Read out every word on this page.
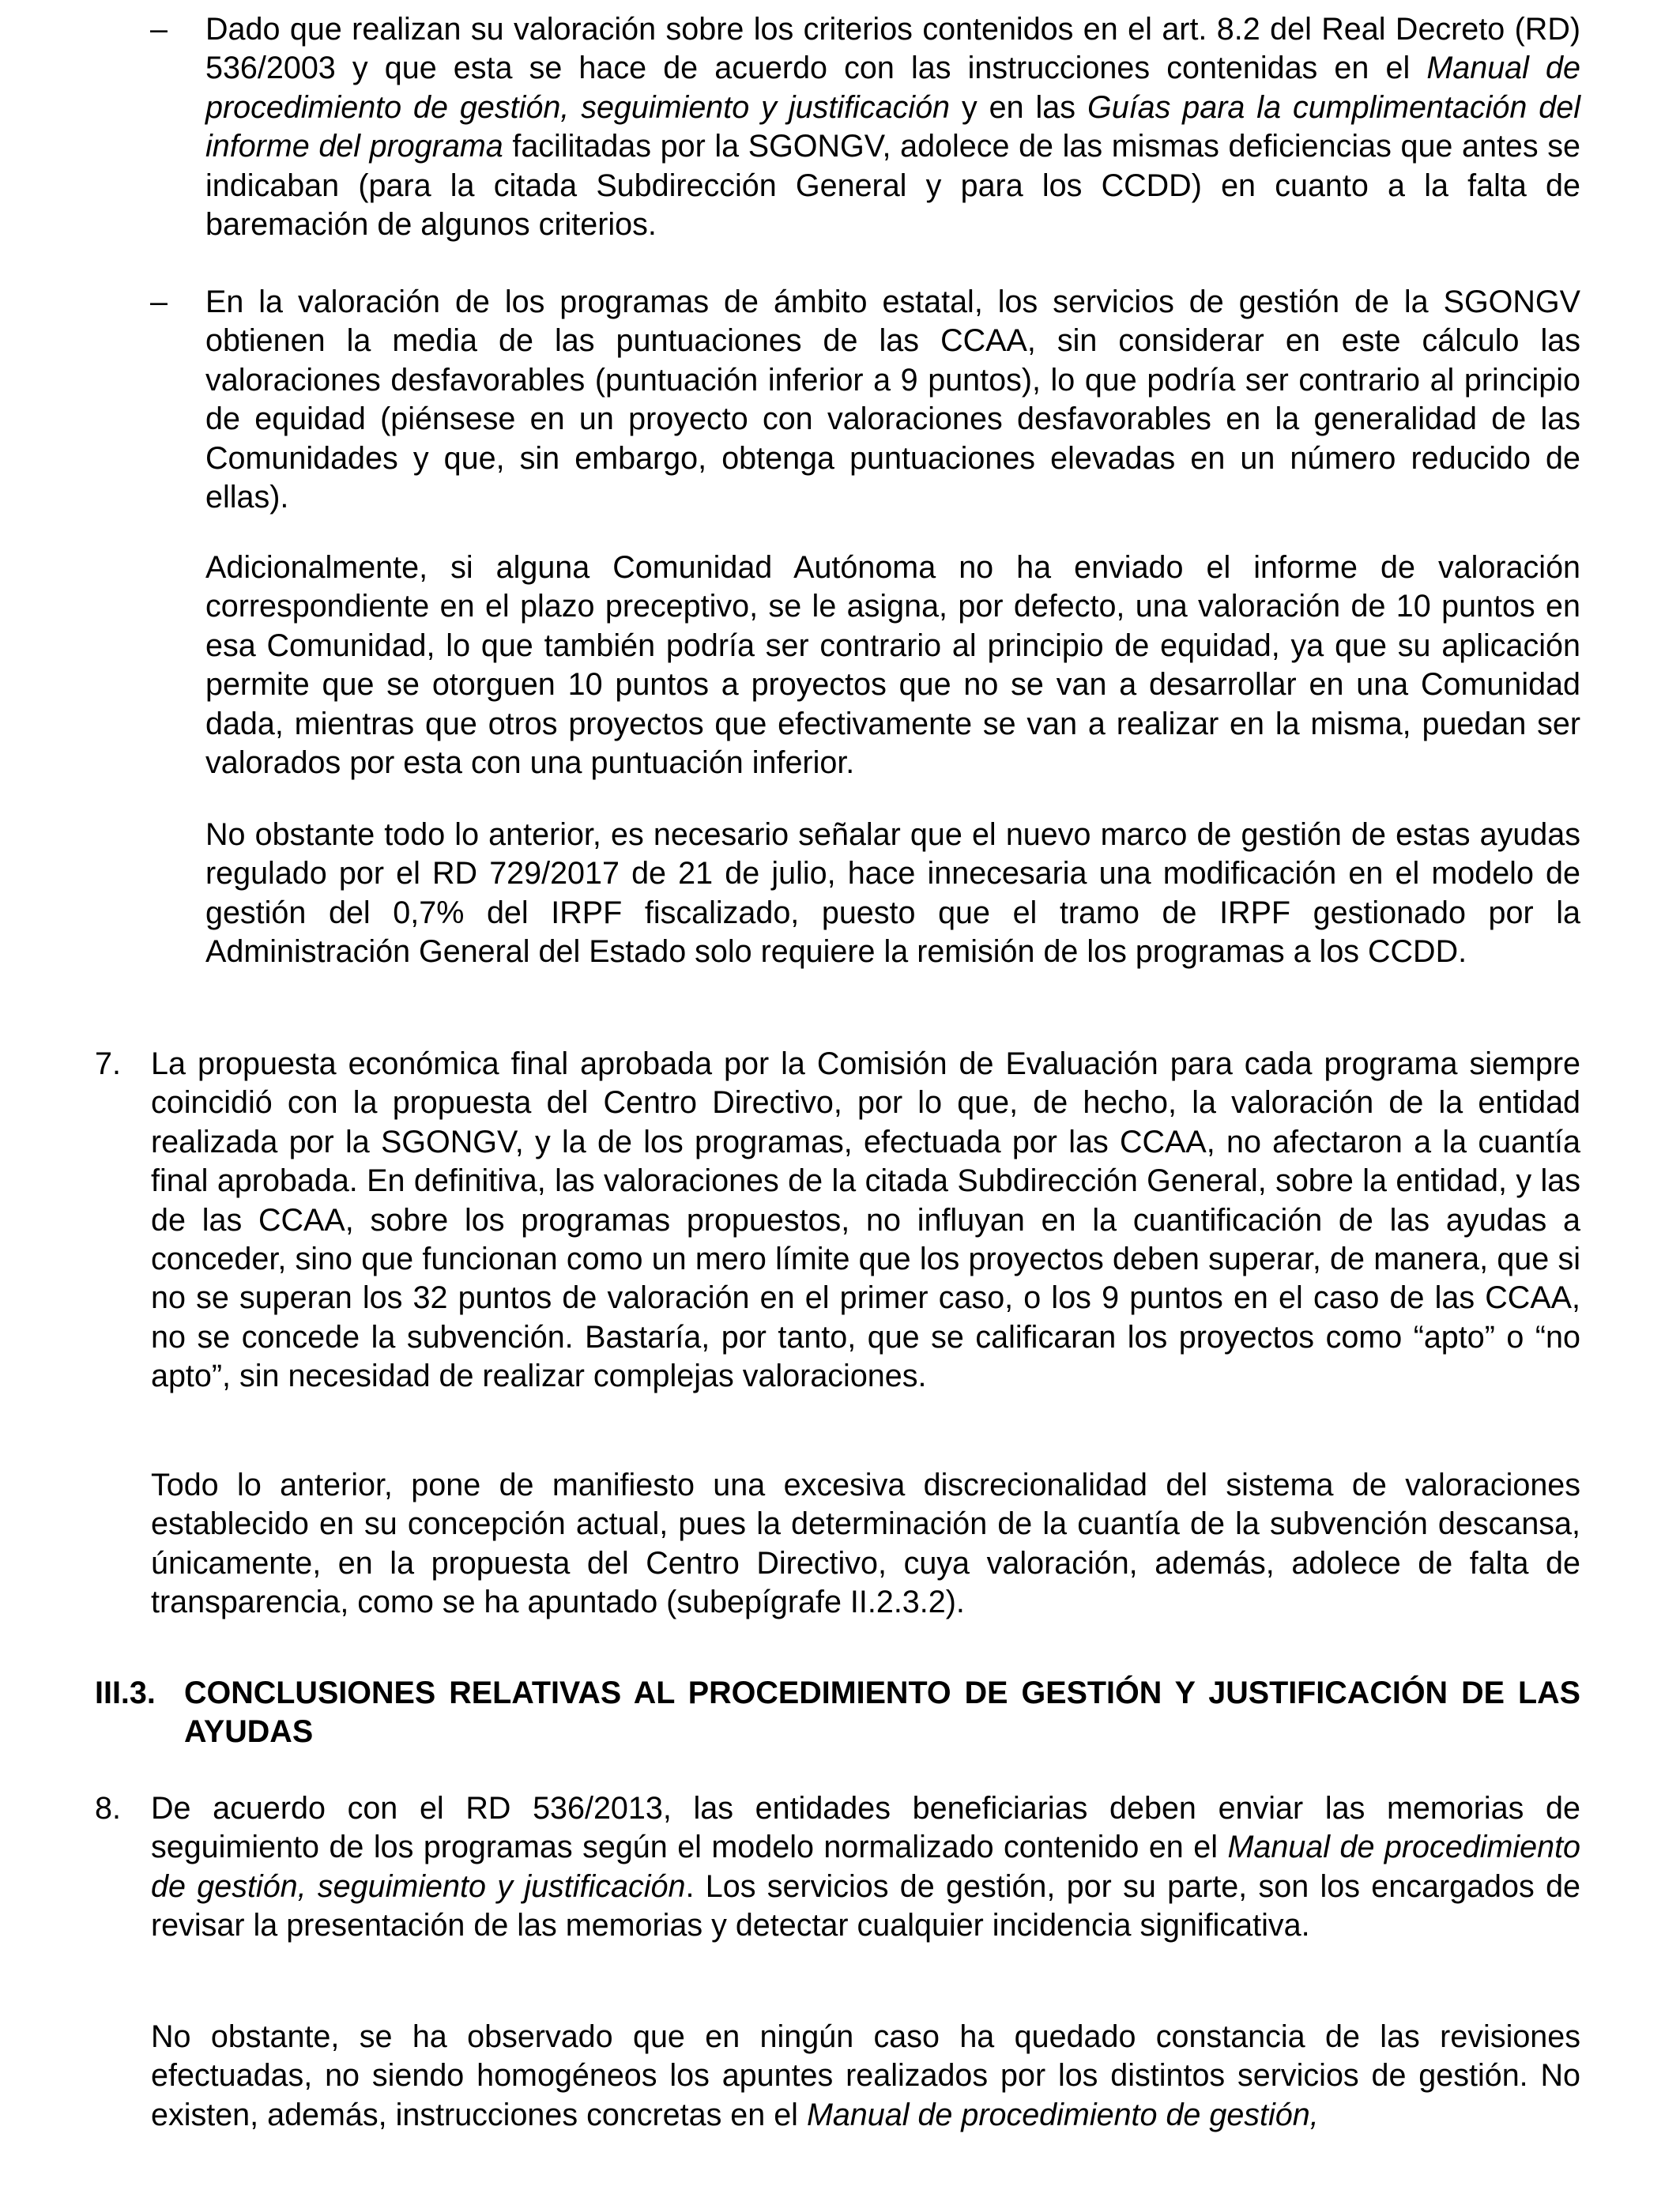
– Dado que realizan su valoración sobre los criterios contenidos en el art. 8.2 del Real Decreto (RD) 536/2003 y que esta se hace de acuerdo con las instrucciones contenidas en el Manual de procedimiento de gestión, seguimiento y justificación y en las Guías para la cumplimentación del informe del programa facilitadas por la SGONGV, adolece de las mismas deficiencias que antes se indicaban (para la citada Subdirección General y para los CCDD) en cuanto a la falta de baremación de algunos criterios.

– En la valoración de los programas de ámbito estatal, los servicios de gestión de la SGONGV obtienen la media de las puntuaciones de las CCAA, sin considerar en este cálculo las valoraciones desfavorables (puntuación inferior a 9 puntos), lo que podría ser contrario al principio de equidad (piénsese en un proyecto con valoraciones desfavorables en la generalidad de las Comunidades y que, sin embargo, obtenga puntuaciones elevadas en un número reducido de ellas).

Adicionalmente, si alguna Comunidad Autónoma no ha enviado el informe de valoración correspondiente en el plazo preceptivo, se le asigna, por defecto, una valoración de 10 puntos en esa Comunidad, lo que también podría ser contrario al principio de equidad, ya que su aplicación permite que se otorguen 10 puntos a proyectos que no se van a desarrollar en una Comunidad dada, mientras que otros proyectos que efectivamente se van a realizar en la misma, puedan ser valorados por esta con una puntuación inferior.

No obstante todo lo anterior, es necesario señalar que el nuevo marco de gestión de estas ayudas regulado por el RD 729/2017 de 21 de julio, hace innecesaria una modificación en el modelo de gestión del 0,7% del IRPF fiscalizado, puesto que el tramo de IRPF gestionado por la Administración General del Estado solo requiere la remisión de los programas a los CCDD.

7. La propuesta económica final aprobada por la Comisión de Evaluación para cada programa siempre coincidió con la propuesta del Centro Directivo, por lo que, de hecho, la valoración de la entidad realizada por la SGONGV, y la de los programas, efectuada por las CCAA, no afectaron a la cuantía final aprobada. En definitiva, las valoraciones de la citada Subdirección General, sobre la entidad, y las de las CCAA, sobre los programas propuestos, no influyan en la cuantificación de las ayudas a conceder, sino que funcionan como un mero límite que los proyectos deben superar, de manera, que si no se superan los 32 puntos de valoración en el primer caso, o los 9 puntos en el caso de las CCAA, no se concede la subvención. Bastaría, por tanto, que se calificaran los proyectos como “apto” o “no apto”, sin necesidad de realizar complejas valoraciones.

Todo lo anterior, pone de manifiesto una excesiva discrecionalidad del sistema de valoraciones establecido en su concepción actual, pues la determinación de la cuantía de la subvención descansa, únicamente, en la propuesta del Centro Directivo, cuya valoración, además, adolece de falta de transparencia, como se ha apuntado (subepígrafe II.2.3.2).

III.3. CONCLUSIONES RELATIVAS AL PROCEDIMIENTO DE GESTIÓN Y JUSTIFICACIÓN DE LAS AYUDAS

8. De acuerdo con el RD 536/2013, las entidades beneficiarias deben enviar las memorias de seguimiento de los programas según el modelo normalizado contenido en el Manual de procedimiento de gestión, seguimiento y justificación. Los servicios de gestión, por su parte, son los encargados de revisar la presentación de las memorias y detectar cualquier incidencia significativa.

No obstante, se ha observado que en ningún caso ha quedado constancia de las revisiones efectuadas, no siendo homogéneos los apuntes realizados por los distintos servicios de gestión. No existen, además, instrucciones concretas en el Manual de procedimiento de gestión,
